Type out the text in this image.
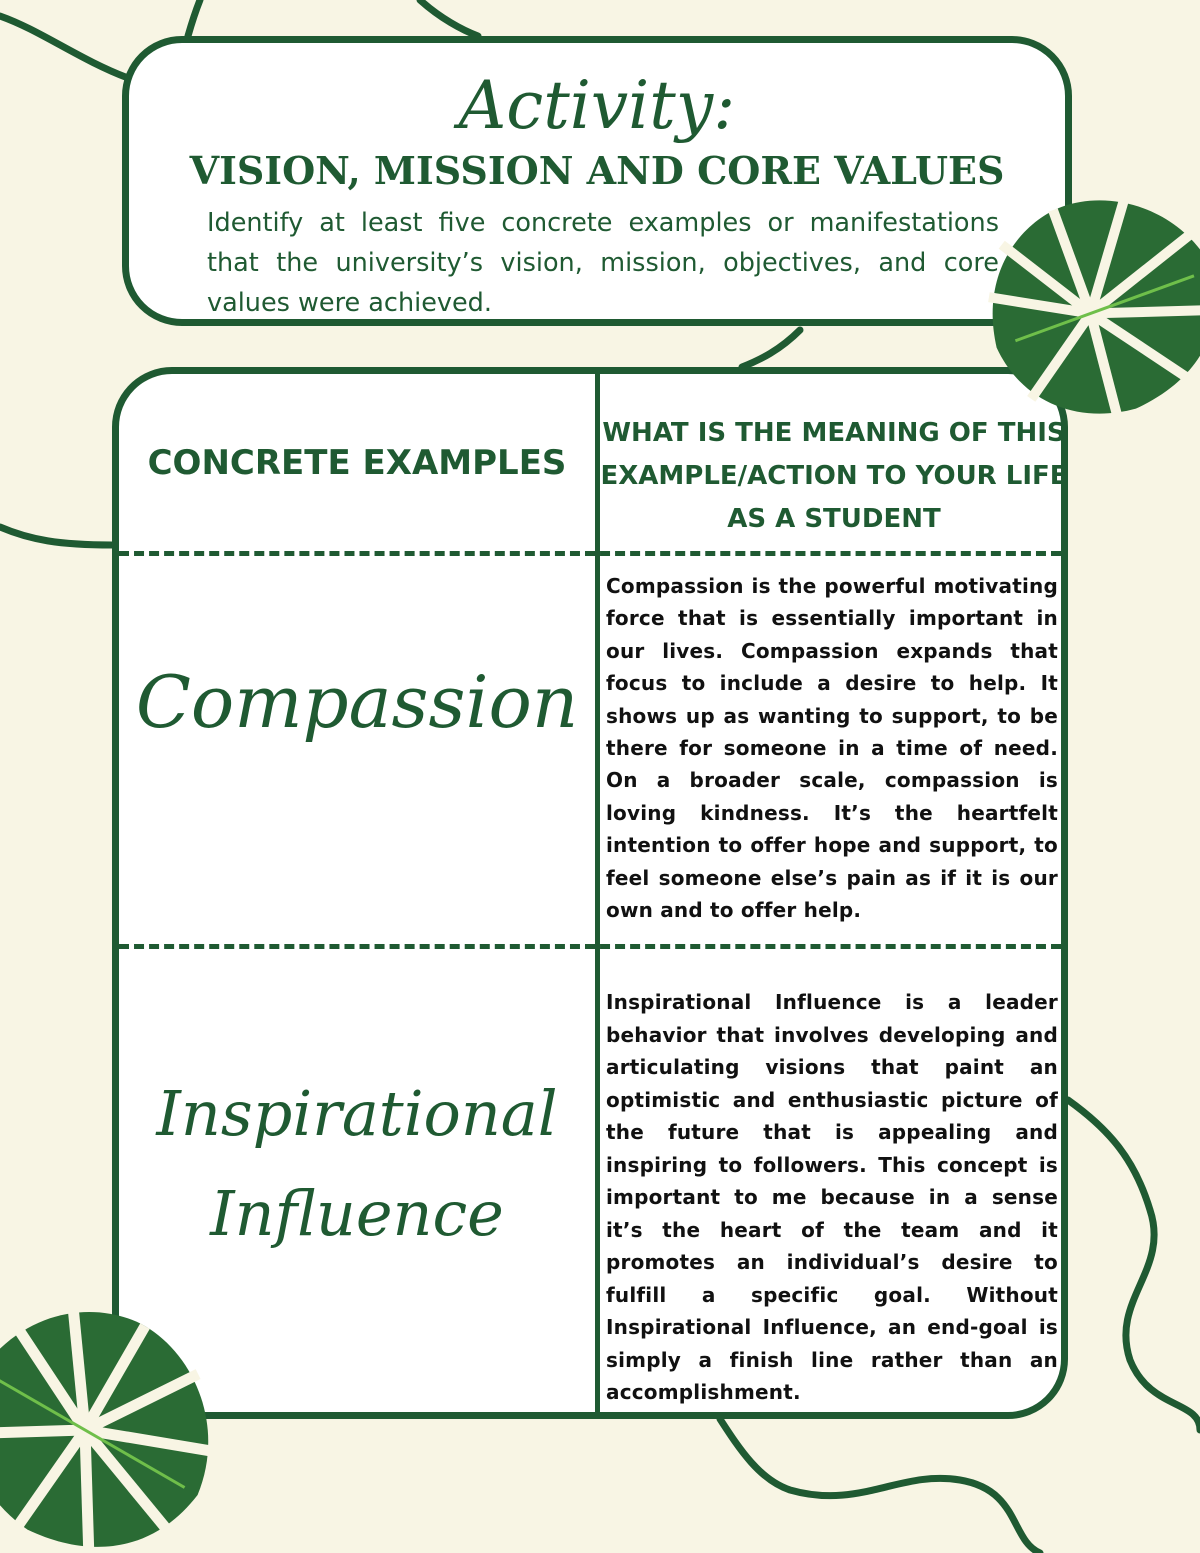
Activity:
VISION, MISSION AND CORE VALUES

Identify at least five concrete examples or manifestations that the university’s vision, mission, objectives, and core values were achieved.

CONCRETE EXAMPLES
WHAT IS THE MEANING OF THIS EXAMPLE/ACTION TO YOUR LIFE AS A STUDENT
Compassion

Compassion is the powerful motivating force that is essentially important in our lives. Compassion expands that focus to include a desire to help. It shows up as wanting to support, to be there for someone in a time of need. On a broader scale, compassion is loving kindness. It’s the heartfelt intention to offer hope and support, to feel someone else’s pain as if it is our own and to offer help.

Inspirational Influence

Inspirational Influence is a leader behavior that involves developing and articulating visions that paint an optimistic and enthusiastic picture of the future that is appealing and inspiring to followers. This concept is important to me because in a sense it’s the heart of the team and it promotes an individual’s desire to fulfill a specific goal. Without Inspirational Influence, an end-goal is simply a finish line rather than an accomplishment.
